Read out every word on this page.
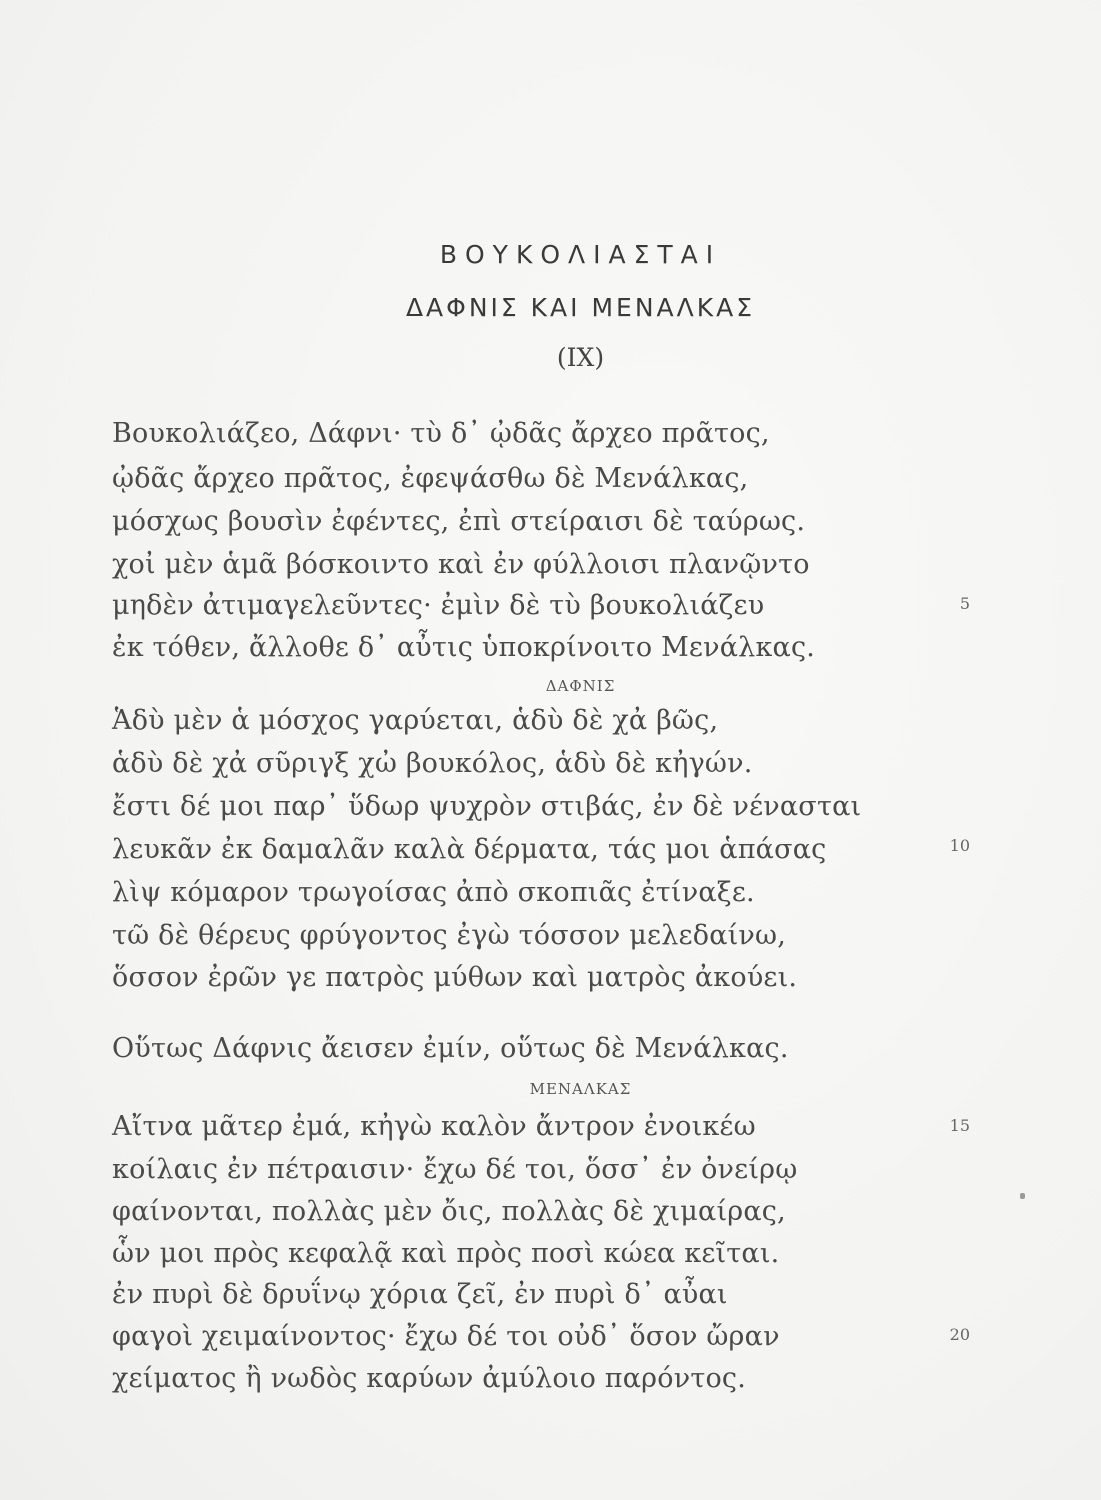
ΒΟΥΚΟΛΙΑΣΤΑΙ
ΔΑΦΝΙΣ ΚΑΙ ΜΕΝΑΛΚΑΣ
(IX)
Βουκολιάζεο, Δάφνι· τὺ δ᾽ ᾠδᾶς ἄρχεο πρᾶτος,
ᾠδᾶς ἄρχεο πρᾶτος, ἐφεψάσθω δὲ Μενάλκας,
μόσχως βουσὶν ἐφέντες, ἐπὶ στείραισι δὲ ταύρως.
χοἰ μὲν ἁμᾶ βόσκοιντο καὶ ἐν φύλλοισι πλανῷντο
μηδὲν ἀτιμαγελεῦντες· ἐμὶν δὲ τὺ βουκολιάζευ	5
ἐκ τόθεν, ἄλλοθε δ᾽ αὖτις ὑποκρίνοιτο Μενάλκας.
ΔΑΦΝΙΣ
Ἁδὺ μὲν ἁ μόσχος γαρύεται, ἁδὺ δὲ χἀ βῶς,
ἁδὺ δὲ χἀ σῦριγξ χὠ βουκόλος, ἁδὺ δὲ κἠγών.
ἔστι δέ μοι παρ᾽ ὕδωρ ψυχρὸν στιβάς, ἐν δὲ νένασται
λευκᾶν ἐκ δαμαλᾶν καλὰ δέρματα, τάς μοι ἁπάσας	10
λὶψ κόμαρον τρωγοίσας ἀπὸ σκοπιᾶς ἐτίναξε.
τῶ δὲ θέρευς φρύγοντος ἐγὼ τόσσον μελεδαίνω,
ὅσσον ἐρῶν γε πατρὸς μύθων καὶ ματρὸς ἀκούει.
Οὕτως Δάφνις ἄεισεν ἐμίν, οὕτως δὲ Μενάλκας.
ΜΕΝΑΛΚΑΣ
Αἴτνα μᾶτερ ἐμά, κἠγὼ καλὸν ἄντρον ἐνοικέω	15
κοίλαις ἐν πέτραισιν· ἔχω δέ τοι, ὅσσ᾽ ἐν ὀνείρῳ
φαίνονται, πολλὰς μὲν ὄις, πολλὰς δὲ χιμαίρας,
ὧν μοι πρὸς κεφαλᾷ καὶ πρὸς ποσὶ κώεα κεῖται.
ἐν πυρὶ δὲ δρυΐνῳ χόρια ζεῖ, ἐν πυρὶ δ᾽ αὖαι
φαγοὶ χειμαίνοντος· ἔχω δέ τοι οὐδ᾽ ὅσον ὤραν	20
χείματος ἢ νωδὸς καρύων ἀμύλοιο παρόντος.
